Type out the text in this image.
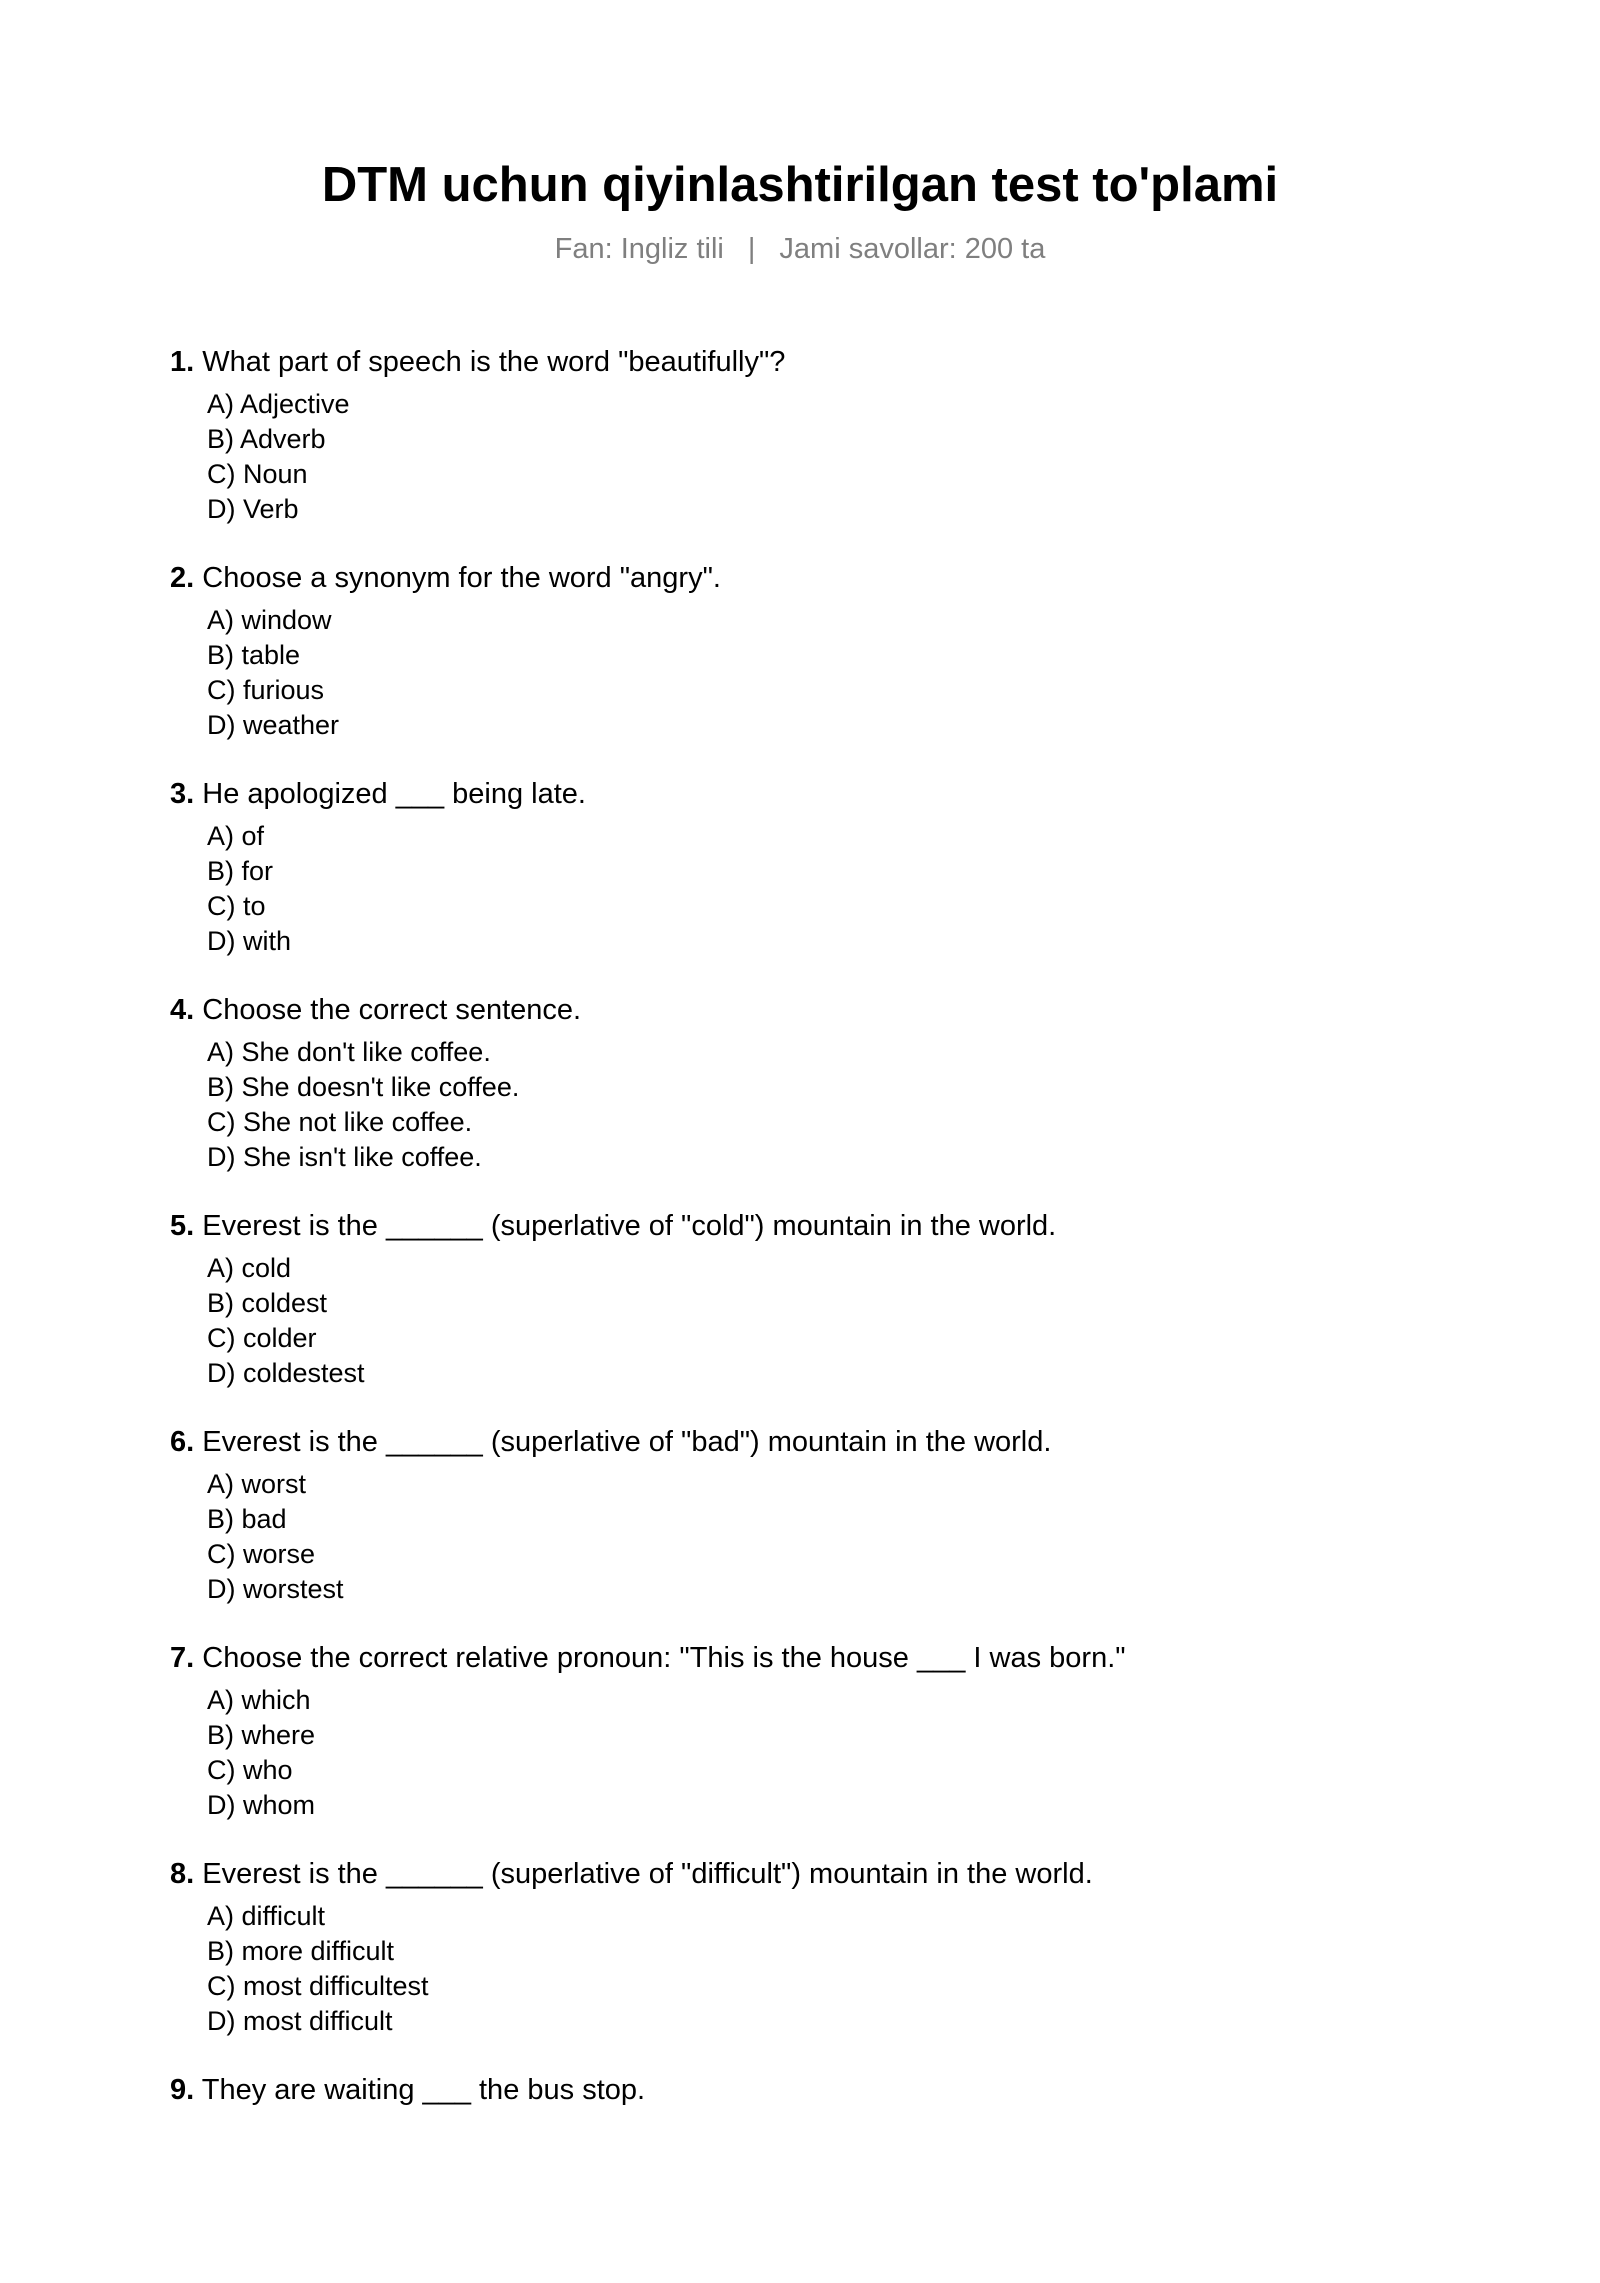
DTM uchun qiyinlashtirilgan test to'plami
Fan: Ingliz tili | Jami savollar: 200 ta

1. What part of speech is the word "beautifully"?

A) Adjective
B) Adverb
C) Noun
D) Verb

2. Choose a synonym for the word "angry".

A) window
B) table
C) furious
D) weather

3. He apologized ___ being late.

A) of
B) for
C) to
D) with

4. Choose the correct sentence.

A) She don't like coffee.
B) She doesn't like coffee.
C) She not like coffee.
D) She isn't like coffee.

5. Everest is the ______ (superlative of "cold") mountain in the world.

A) cold
B) coldest
C) colder
D) coldestest

6. Everest is the ______ (superlative of "bad") mountain in the world.

A) worst
B) bad
C) worse
D) worstest

7. Choose the correct relative pronoun: "This is the house ___ I was born."

A) which
B) where
C) who
D) whom

8. Everest is the ______ (superlative of "difficult") mountain in the world.

A) difficult
B) more difficult
C) most difficultest
D) most difficult

9. They are waiting ___ the bus stop.
